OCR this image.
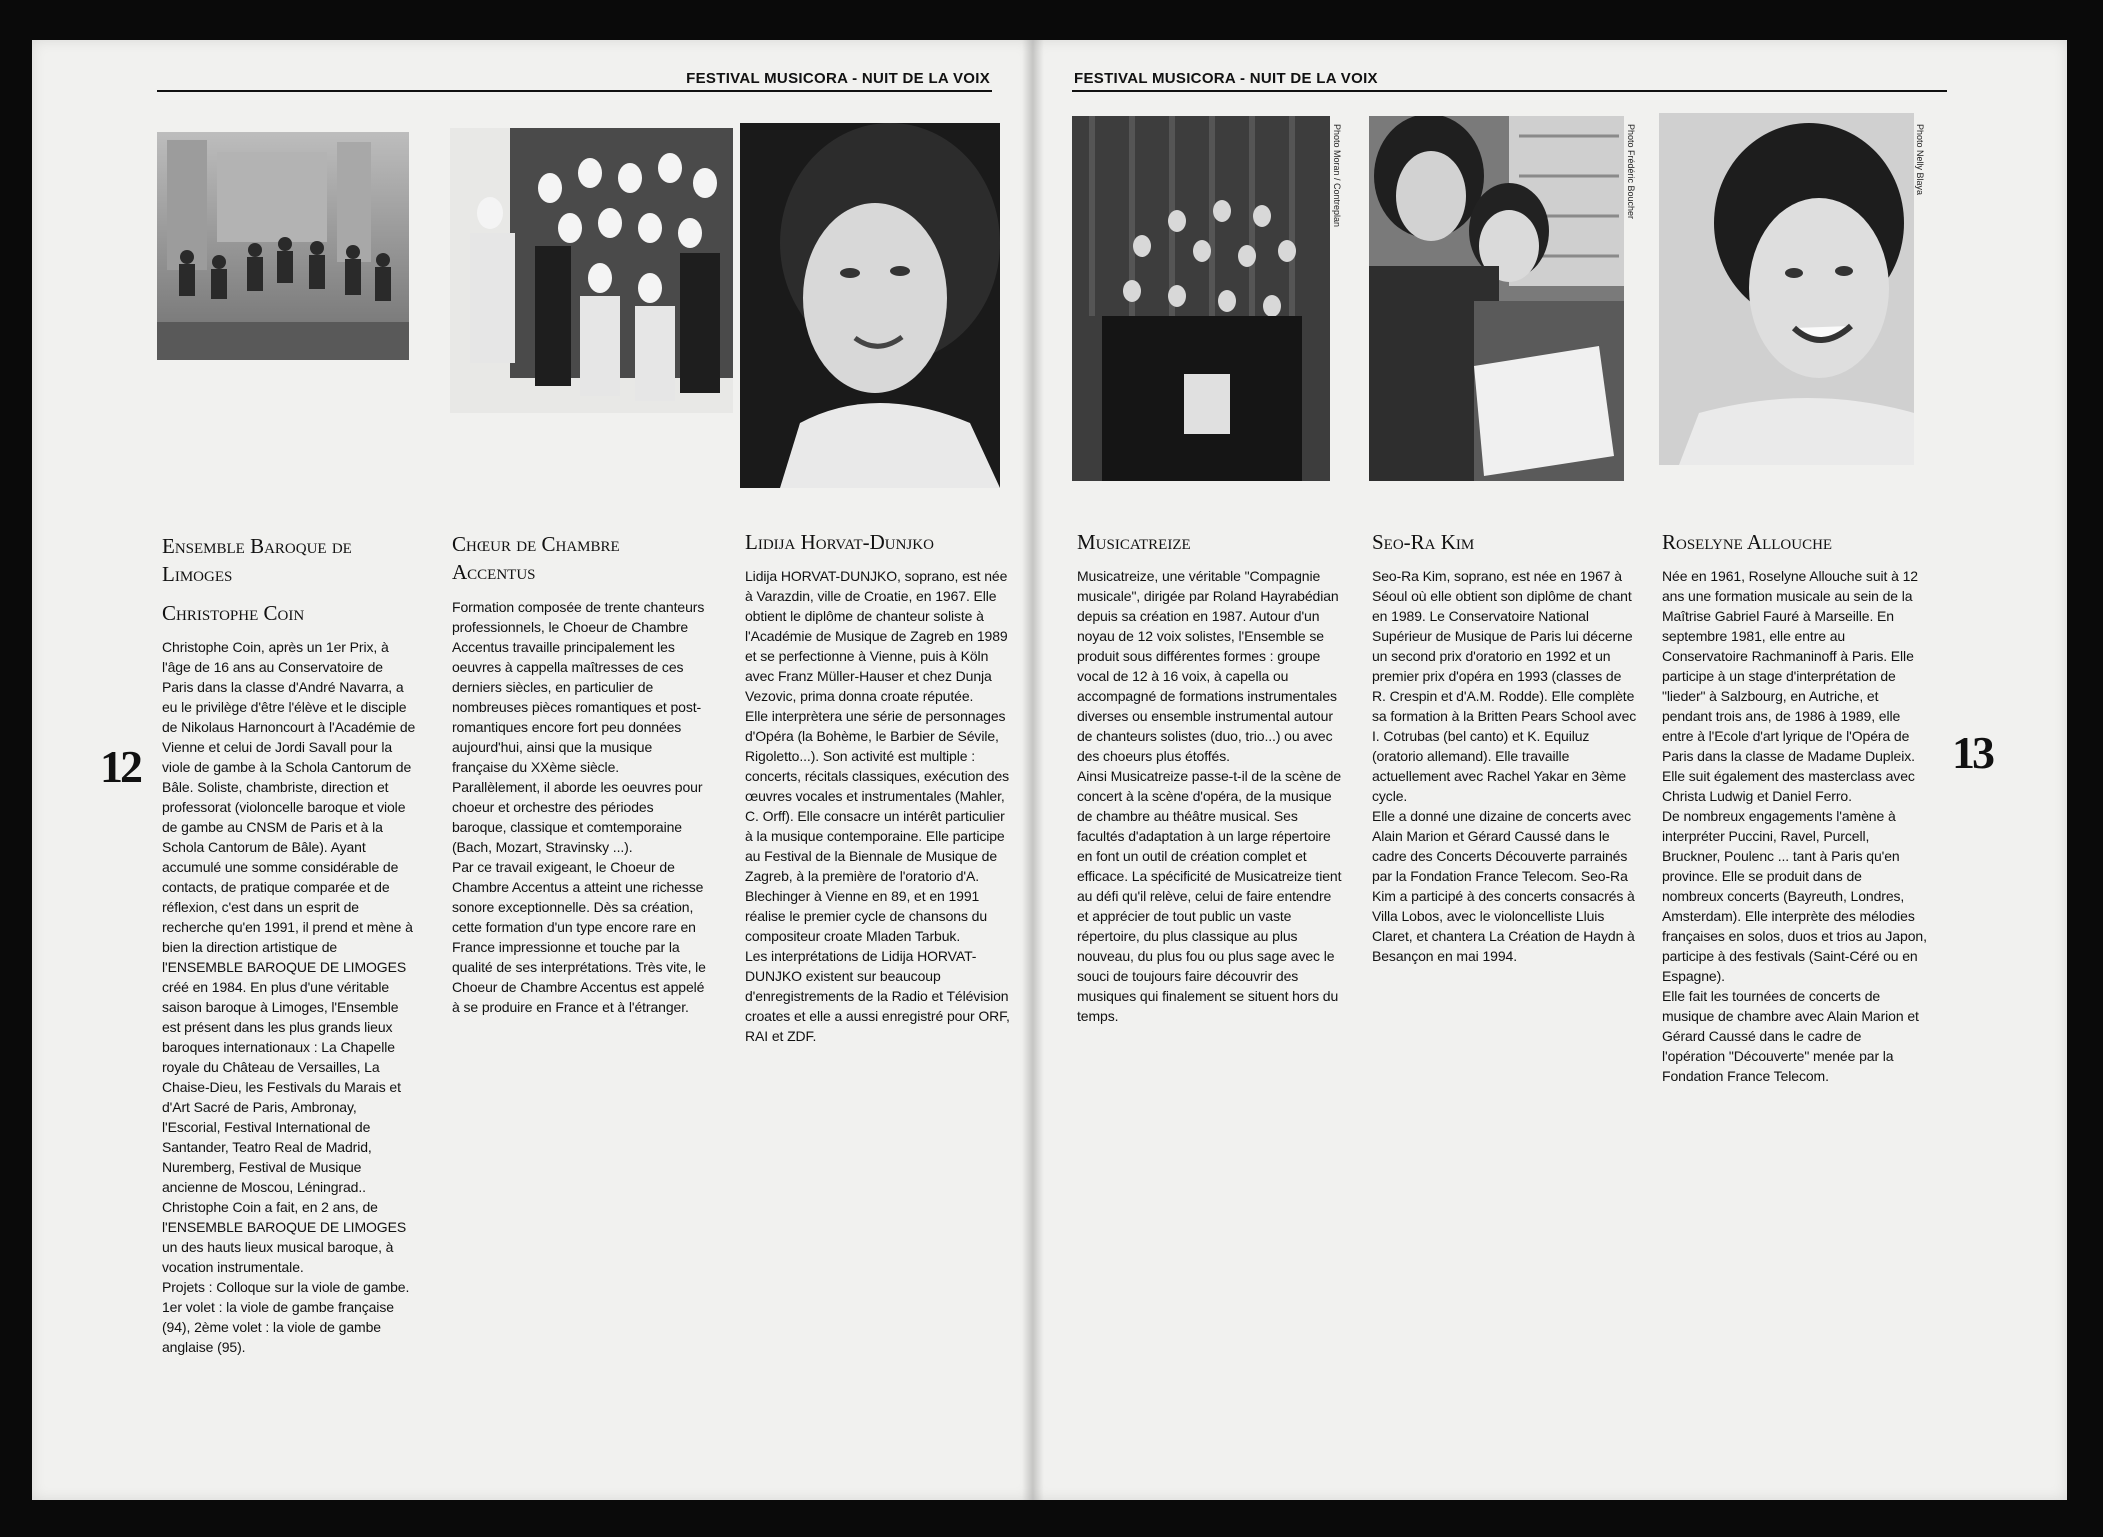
FESTIVAL MUSICORA - NUIT DE LA VOIX
Ensemble Baroque de Limoges
Christophe Coin

Christophe Coin, après un 1er Prix, à l'âge de 16 ans au Conservatoire de Paris dans la classe d'André Navarra, a eu le privilège d'être l'élève et le disciple de Nikolaus Harnoncourt à l'Académie de Vienne et celui de Jordi Savall pour la viole de gambe à la Schola Cantorum de Bâle. Soliste, chambriste, direction et professorat (violoncelle baroque et viole de gambe au CNSM de Paris et à la Schola Cantorum de Bâle). Ayant accumulé une somme considérable de contacts, de pratique comparée et de réflexion, c'est dans un esprit de recherche qu'en 1991, il prend et mène à bien la direction artistique de l'ENSEMBLE BAROQUE DE LIMOGES créé en 1984. En plus d'une véritable saison baroque à Limoges, l'Ensemble est présent dans les plus grands lieux baroques internationaux : La Chapelle royale du Château de Versailles, La Chaise-Dieu, les Festivals du Marais et d'Art Sacré de Paris, Ambronay, l'Escorial, Festival International de Santander, Teatro Real de Madrid, Nuremberg, Festival de Musique ancienne de Moscou, Léningrad..
Christophe Coin a fait, en 2 ans, de l'ENSEMBLE BAROQUE DE LIMOGES un des hauts lieux musical baroque, à vocation instrumentale.
Projets : Colloque sur la viole de gambe. 1er volet : la viole de gambe française (94), 2ème volet : la viole de gambe anglaise (95).

Chœur de Chambre Accentus

Formation composée de trente chanteurs professionnels, le Choeur de Chambre Accentus travaille principalement les oeuvres à cappella maîtresses de ces derniers siècles, en particulier de nombreuses pièces romantiques et post-romantiques encore fort peu données aujourd'hui, ainsi que la musique française du XXème siècle. Parallèlement, il aborde les oeuvres pour choeur et orchestre des périodes baroque, classique et comtemporaine (Bach, Mozart, Stravinsky ...).
Par ce travail exigeant, le Choeur de Chambre Accentus a atteint une richesse sonore exceptionnelle. Dès sa création, cette formation d'un type encore rare en France impressionne et touche par la qualité de ses interprétations. Très vite, le Choeur de Chambre Accentus est appelé à se produire en France et à l'étranger.

Lidija Horvat-Dunjko

Lidija HORVAT-DUNJKO, soprano, est née à Varazdin, ville de Croatie, en 1967. Elle obtient le diplôme de chanteur soliste à l'Académie de Musique de Zagreb en 1989 et se perfectionne à Vienne, puis à Köln avec Franz Müller-Hauser et chez Dunja Vezovic, prima donna croate réputée.
Elle interprètera une série de personnages d'Opéra (la Bohème, le Barbier de Sévile, Rigoletto...). Son activité est multiple : concerts, récitals classiques, exécution des œuvres vocales et instrumentales (Mahler, C. Orff). Elle consacre un intérêt particulier à la musique contemporaine. Elle participe au Festival de la Biennale de Musique de Zagreb, à la première de l'oratorio d'A. Blechinger à Vienne en 89, et en 1991 réalise le premier cycle de chansons du compositeur croate Mladen Tarbuk.
Les interprétations de Lidija HORVAT-DUNJKO existent sur beaucoup d'enregistrements de la Radio et Télévision croates et elle a aussi enregistré pour ORF, RAI et ZDF.

12
FESTIVAL MUSICORA - NUIT DE LA VOIX
Photo Moran / Contreplan	Photo Frédéric Boucher	Photo Nelly Blaya
Musicatreize

Musicatreize, une véritable "Compagnie musicale", dirigée par Roland Hayrabédian depuis sa création en 1987. Autour d'un noyau de 12 voix solistes, l'Ensemble se produit sous différentes formes : groupe vocal de 12 à 16 voix, à capella ou accompagné de formations instrumentales diverses ou ensemble instrumental autour de chanteurs solistes (duo, trio...) ou avec des choeurs plus étoffés.
Ainsi Musicatreize passe-t-il de la scène de concert à la scène d'opéra, de la musique de chambre au théâtre musical. Ses facultés d'adaptation à un large répertoire en font un outil de création complet et efficace. La spécificité de Musicatreize tient au défi qu'il relève, celui de faire entendre et apprécier de tout public un vaste répertoire, du plus classique au plus nouveau, du plus fou ou plus sage avec le souci de toujours faire découvrir des musiques qui finalement se situent hors du temps.

Seo-Ra Kim

Seo-Ra Kim, soprano, est née en 1967 à Séoul où elle obtient son diplôme de chant en 1989. Le Conservatoire National Supérieur de Musique de Paris lui décerne un second prix d'oratorio en 1992 et un premier prix d'opéra en 1993 (classes de R. Crespin et d'A.M. Rodde). Elle complète sa formation à la Britten Pears School avec I. Cotrubas (bel canto) et K. Equiluz (oratorio allemand). Elle travaille actuellement avec Rachel Yakar en 3ème cycle.
Elle a donné une dizaine de concerts avec Alain Marion et Gérard Caussé dans le cadre des Concerts Découverte parrainés par la Fondation France Telecom. Seo-Ra Kim a participé à des concerts consacrés à Villa Lobos, avec le violoncelliste Lluis Claret, et chantera La Création de Haydn à Besançon en mai 1994.

Roselyne Allouche

Née en 1961, Roselyne Allouche suit à 12 ans une formation musicale au sein de la Maîtrise Gabriel Fauré à Marseille. En septembre 1981, elle entre au Conservatoire Rachmaninoff à Paris. Elle participe à un stage d'interprétation de "lieder" à Salzbourg, en Autriche, et pendant trois ans, de 1986 à 1989, elle entre à l'Ecole d'art lyrique de l'Opéra de Paris dans la classe de Madame Dupleix. Elle suit également des masterclass avec Christa Ludwig et Daniel Ferro.
De nombreux engagements l'amène à interpréter Puccini, Ravel, Purcell, Bruckner, Poulenc ... tant à Paris qu'en province. Elle se produit dans de nombreux concerts (Bayreuth, Londres, Amsterdam). Elle interprète des mélodies françaises en solos, duos et trios au Japon, participe à des festivals (Saint-Céré ou en Espagne).
Elle fait les tournées de concerts de musique de chambre avec Alain Marion et Gérard Caussé dans le cadre de l'opération "Découverte" menée par la Fondation France Telecom.

13
